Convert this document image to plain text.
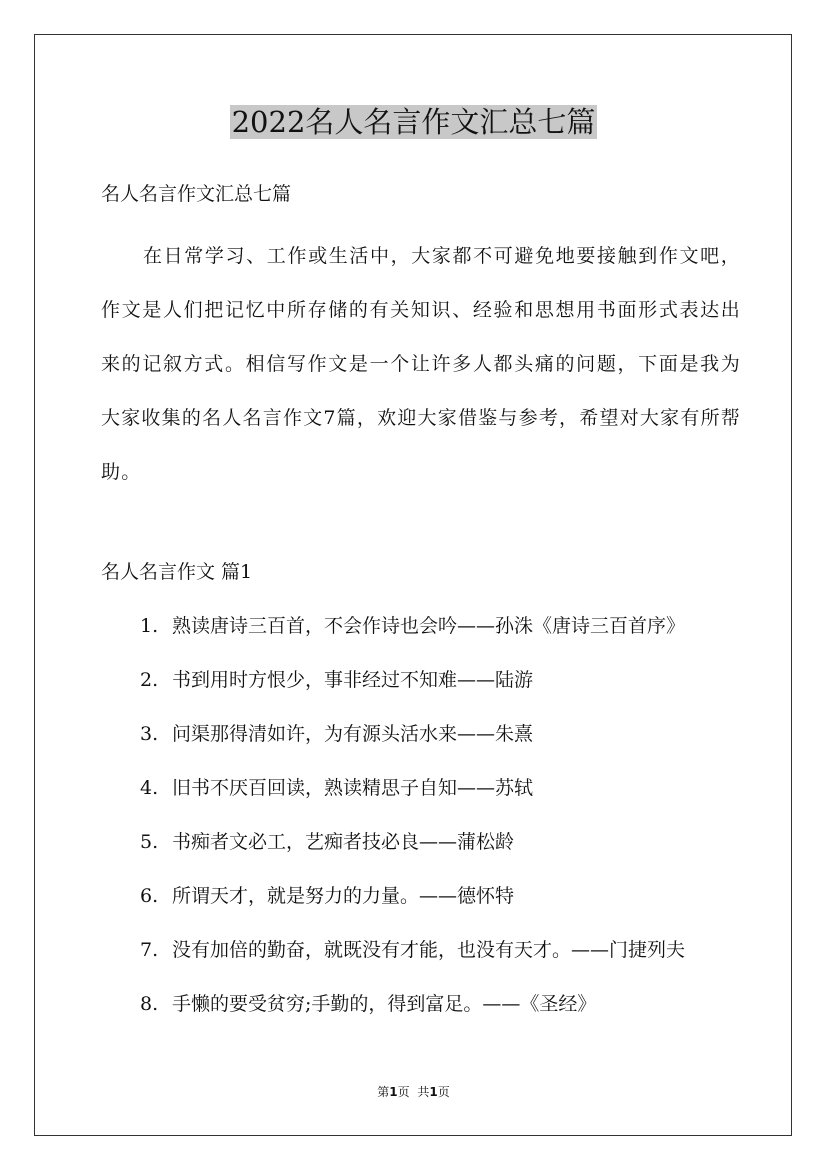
2022名人名言作文汇总七篇

名人名言作文汇总七篇

在日常学习、工作或生活中，大家都不可避免地要接触到作文吧，作文是人们把记忆中所存储的有关知识、经验和思想用书面形式表达出来的记叙方式。相信写作文是一个让许多人都头痛的问题，下面是我为大家收集的名人名言作文7篇，欢迎大家借鉴与参考，希望对大家有所帮助。

名人名言作文 篇1
1. 熟读唐诗三百首，不会作诗也会吟——孙洙《唐诗三百首序》
2. 书到用时方恨少，事非经过不知难——陆游
3. 问渠那得清如许，为有源头活水来——朱熹
4. 旧书不厌百回读，熟读精思子自知——苏轼
5. 书痴者文必工，艺痴者技必良——蒲松龄
6. 所谓天才，就是努力的力量。——德怀特
7. 没有加倍的勤奋，就既没有才能，也没有天才。——门捷列夫
8. 手懒的要受贫穷;手勤的，得到富足。——《圣经》
第1页 共1页
